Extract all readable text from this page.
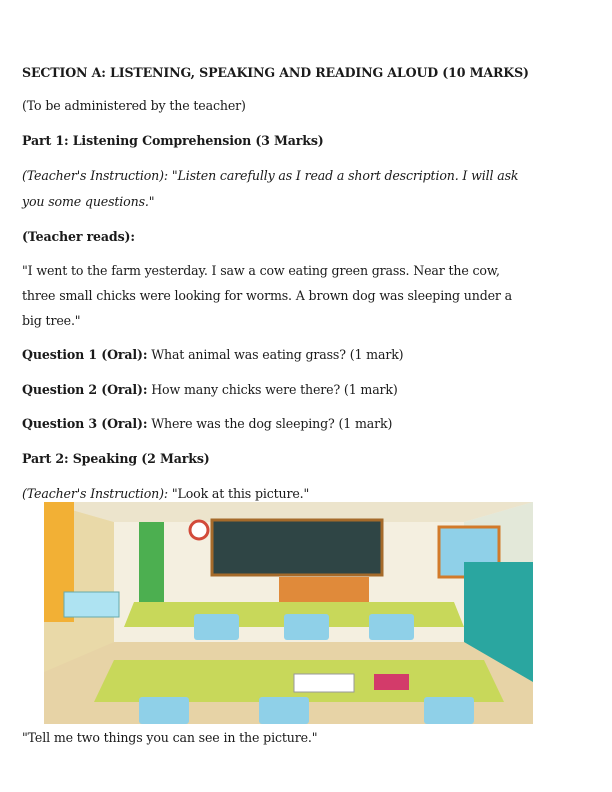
SECTION A: LISTENING, SPEAKING AND READING ALOUD (10 MARKS)
(To be administered by the teacher)
Part 1: Listening Comprehension (3 Marks)
(Teacher's Instruction): "Listen carefully as I read a short description. I will ask
you some questions."
(Teacher reads):
"I went to the farm yesterday. I saw a cow eating green grass. Near the cow,
three small chicks were looking for worms. A brown dog was sleeping under a
big tree."
Question 1 (Oral): What animal was eating grass? (1 mark)
Question 2 (Oral): How many chicks were there? (1 mark)
Question 3 (Oral): Where was the dog sleeping? (1 mark)
Part 2: Speaking (2 Marks)
(Teacher's Instruction): "Look at this picture."
"Tell me two things you can see in the picture."
